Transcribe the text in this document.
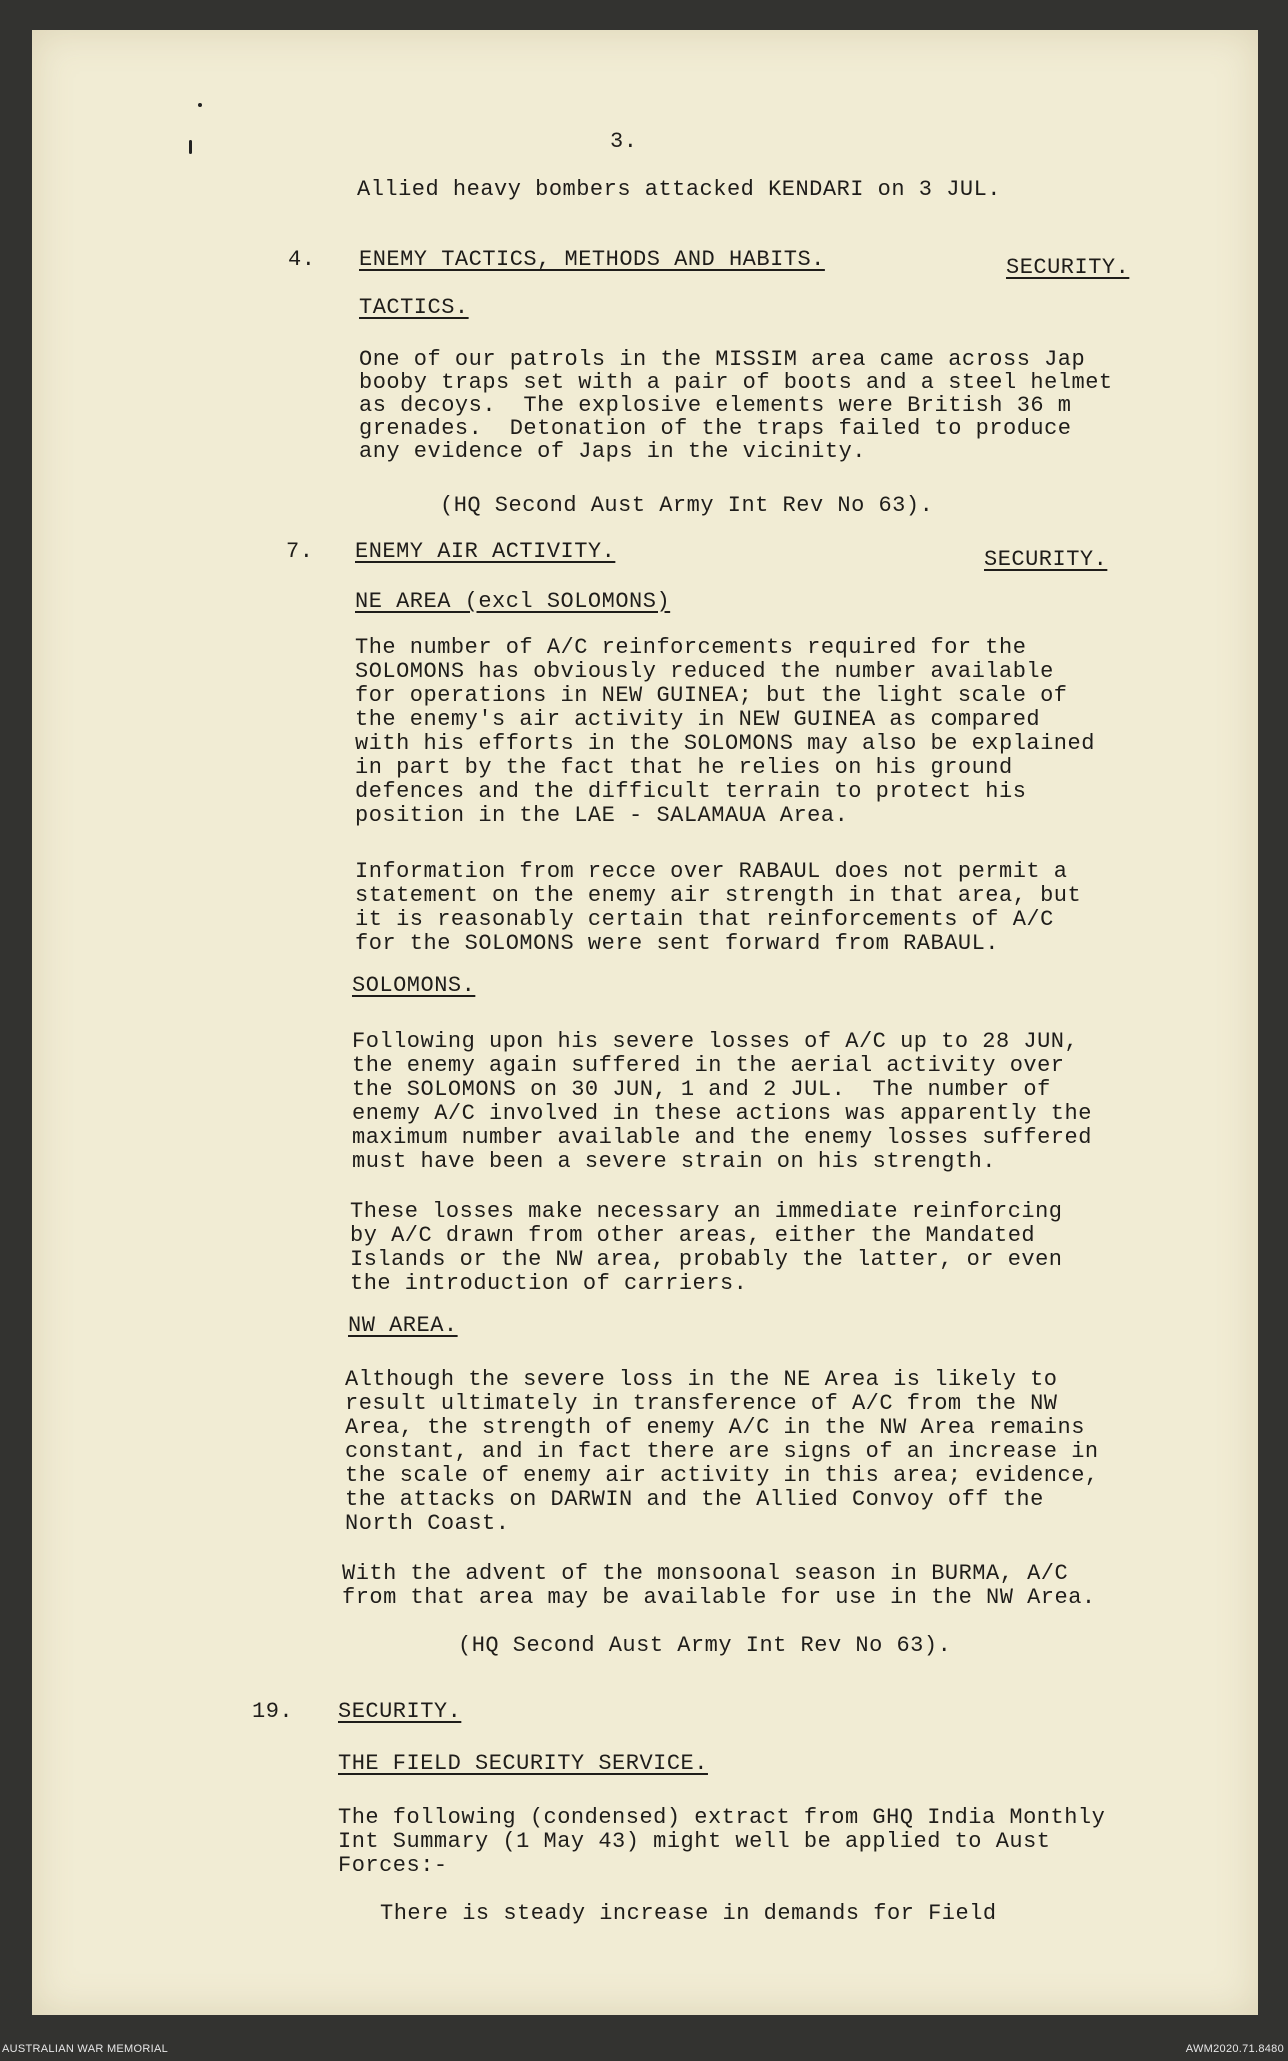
3.
Allied heavy bombers attacked KENDARI on 3 JUL.
4. ENEMY TACTICS, METHODS AND HABITS.	SECURITY.
TACTICS.
One of our patrols in the MISSIM area came across Jap
booby traps set with a pair of boots and a steel helmet
as decoys.  The explosive elements were British 36 m
grenades.  Detonation of the traps failed to produce
any evidence of Japs in the vicinity.
(HQ Second Aust Army Int Rev No 63).
7. ENEMY AIR ACTIVITY.	SECURITY.
NE AREA (excl SOLOMONS)
The number of A/C reinforcements required for the
SOLOMONS has obviously reduced the number available
for operations in NEW GUINEA; but the light scale of
the enemy's air activity in NEW GUINEA as compared
with his efforts in the SOLOMONS may also be explained
in part by the fact that he relies on his ground
defences and the difficult terrain to protect his
position in the LAE - SALAMAUA Area.
Information from recce over RABAUL does not permit a
statement on the enemy air strength in that area, but
it is reasonably certain that reinforcements of A/C
for the SOLOMONS were sent forward from RABAUL.
SOLOMONS.
Following upon his severe losses of A/C up to 28 JUN,
the enemy again suffered in the aerial activity over
the SOLOMONS on 30 JUN, 1 and 2 JUL.  The number of
enemy A/C involved in these actions was apparently the
maximum number available and the enemy losses suffered
must have been a severe strain on his strength.
These losses make necessary an immediate reinforcing
by A/C drawn from other areas, either the Mandated
Islands or the NW area, probably the latter, or even
the introduction of carriers.
NW AREA.
Although the severe loss in the NE Area is likely to
result ultimately in transference of A/C from the NW
Area, the strength of enemy A/C in the NW Area remains
constant, and in fact there are signs of an increase in
the scale of enemy air activity in this area; evidence,
the attacks on DARWIN and the Allied Convoy off the
North Coast.
With the advent of the monsoonal season in BURMA, A/C
from that area may be available for use in the NW Area.
(HQ Second Aust Army Int Rev No 63).
19. SECURITY.
THE FIELD SECURITY SERVICE.
The following (condensed) extract from GHQ India Monthly
Int Summary (1 May 43) might well be applied to Aust
Forces:-
There is steady increase in demands for Field
AUSTRALIAN WAR MEMORIAL	AWM2020.71.8480
